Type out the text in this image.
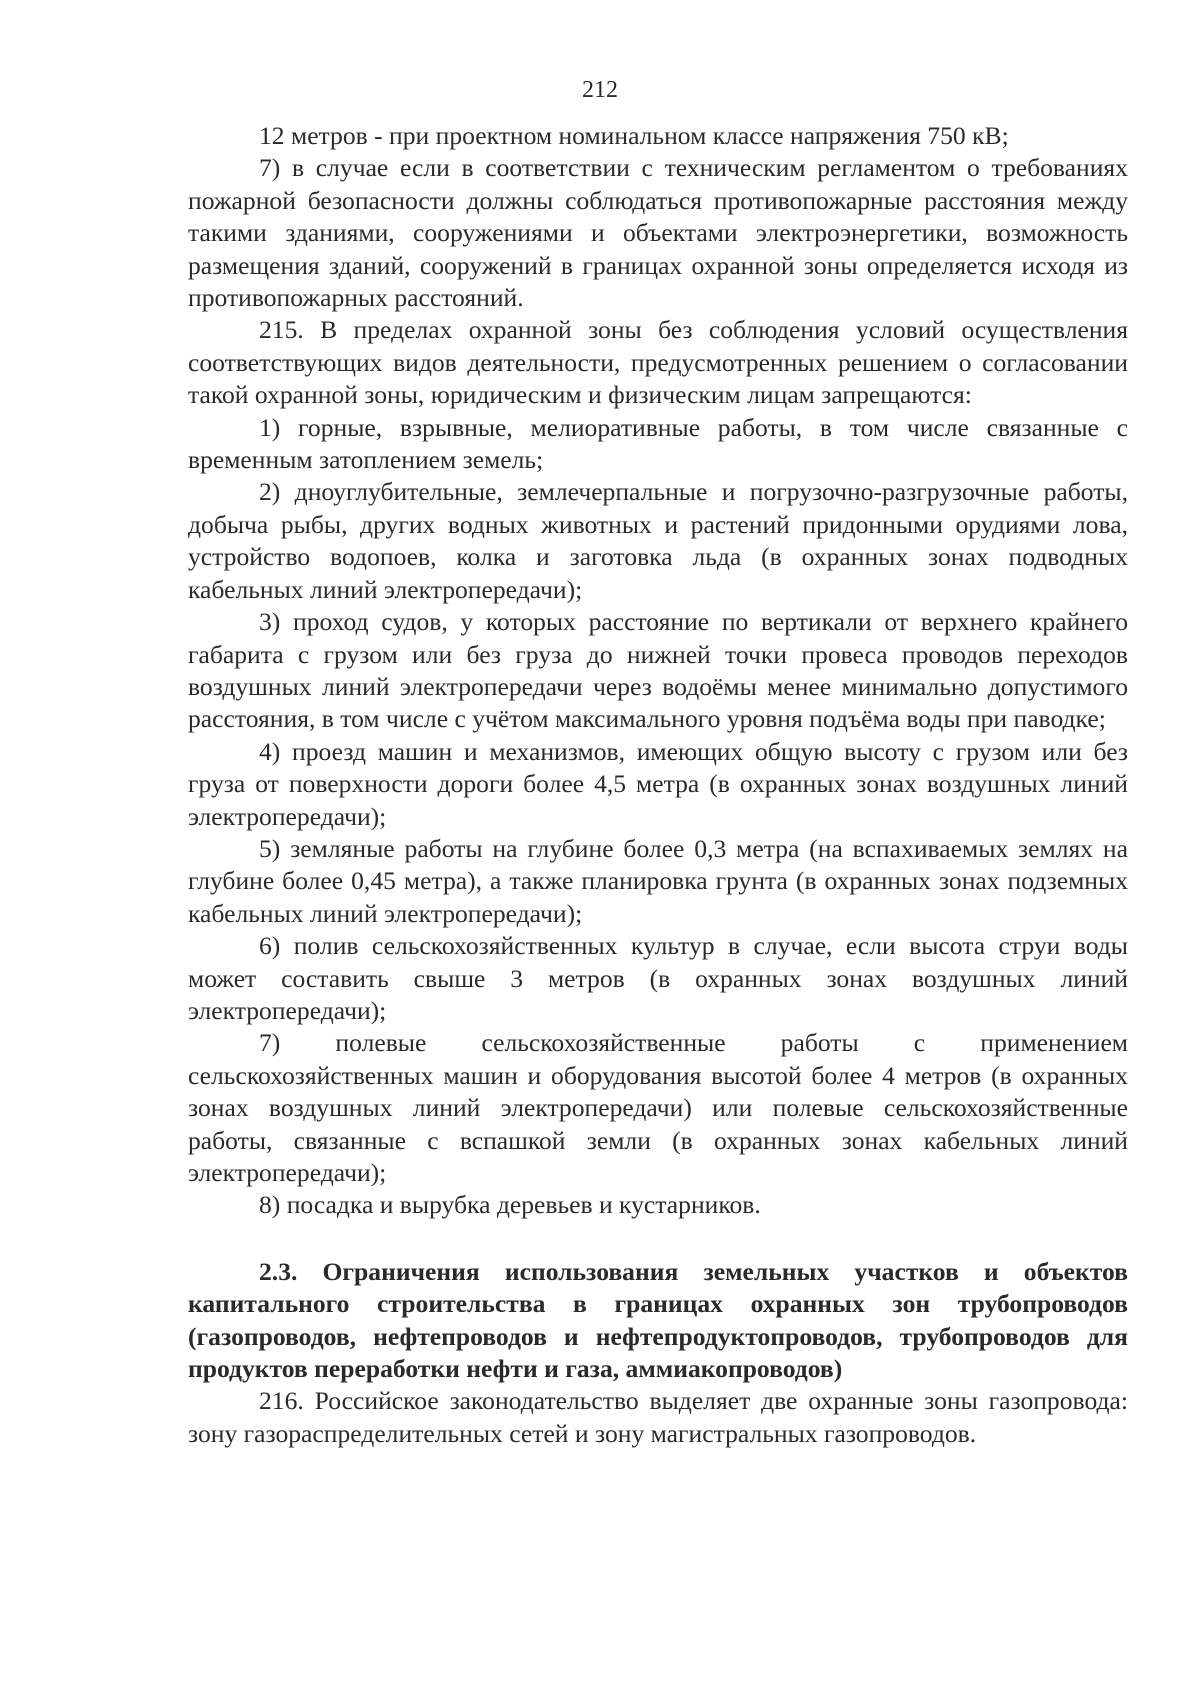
212

12 метров - при проектном номинальном классе напряжения 750 кВ;

7) в случае если в соответствии с техническим регламентом о требованиях пожарной безопасности должны соблюдаться противопожарные расстояния между такими зданиями, сооружениями и объектами электроэнергетики, возможность размещения зданий, сооружений в границах охранной зоны определяется исходя из противопожарных расстояний.

215. В пределах охранной зоны без соблюдения условий осуществления соответствующих видов деятельности, предусмотренных решением о согласовании такой охранной зоны, юридическим и физическим лицам запрещаются:

1) горные, взрывные, мелиоративные работы, в том числе связанные с временным затоплением земель;

2) дноуглубительные, землечерпальные и погрузочно-разгрузочные работы, добыча рыбы, других водных животных и растений придонными орудиями лова, устройство водопоев, колка и заготовка льда (в охранных зонах подводных кабельных линий электропередачи);

3) проход судов, у которых расстояние по вертикали от верхнего крайнего габарита с грузом или без груза до нижней точки провеса проводов переходов воздушных линий электропередачи через водоёмы менее минимально допустимого расстояния, в том числе с учётом максимального уровня подъёма воды при паводке;

4) проезд машин и механизмов, имеющих общую высоту с грузом или без груза от поверхности дороги более 4,5 метра (в охранных зонах воздушных линий электропередачи);

5) земляные работы на глубине более 0,3 метра (на вспахиваемых землях на глубине более 0,45 метра), а также планировка грунта (в охранных зонах подземных кабельных линий электропередачи);

6) полив сельскохозяйственных культур в случае, если высота струи воды может составить свыше 3 метров (в охранных зонах воздушных линий электропередачи);

7) полевые сельскохозяйственные работы с применением сельскохозяйственных машин и оборудования высотой более 4 метров (в охранных зонах воздушных линий электропередачи) или полевые сельскохозяйственные работы, связанные с вспашкой земли (в охранных зонах кабельных линий электропередачи);

8) посадка и вырубка деревьев и кустарников.

2.3. Ограничения использования земельных участков и объектов капитального строительства в границах охранных зон трубопроводов (газопроводов, нефтепроводов и нефтепродуктопроводов, трубопроводов для продуктов переработки нефти и газа, аммиакопроводов)

216. Российское законодательство выделяет две охранные зоны газопровода: зону газораспределительных сетей и зону магистральных газопроводов.
